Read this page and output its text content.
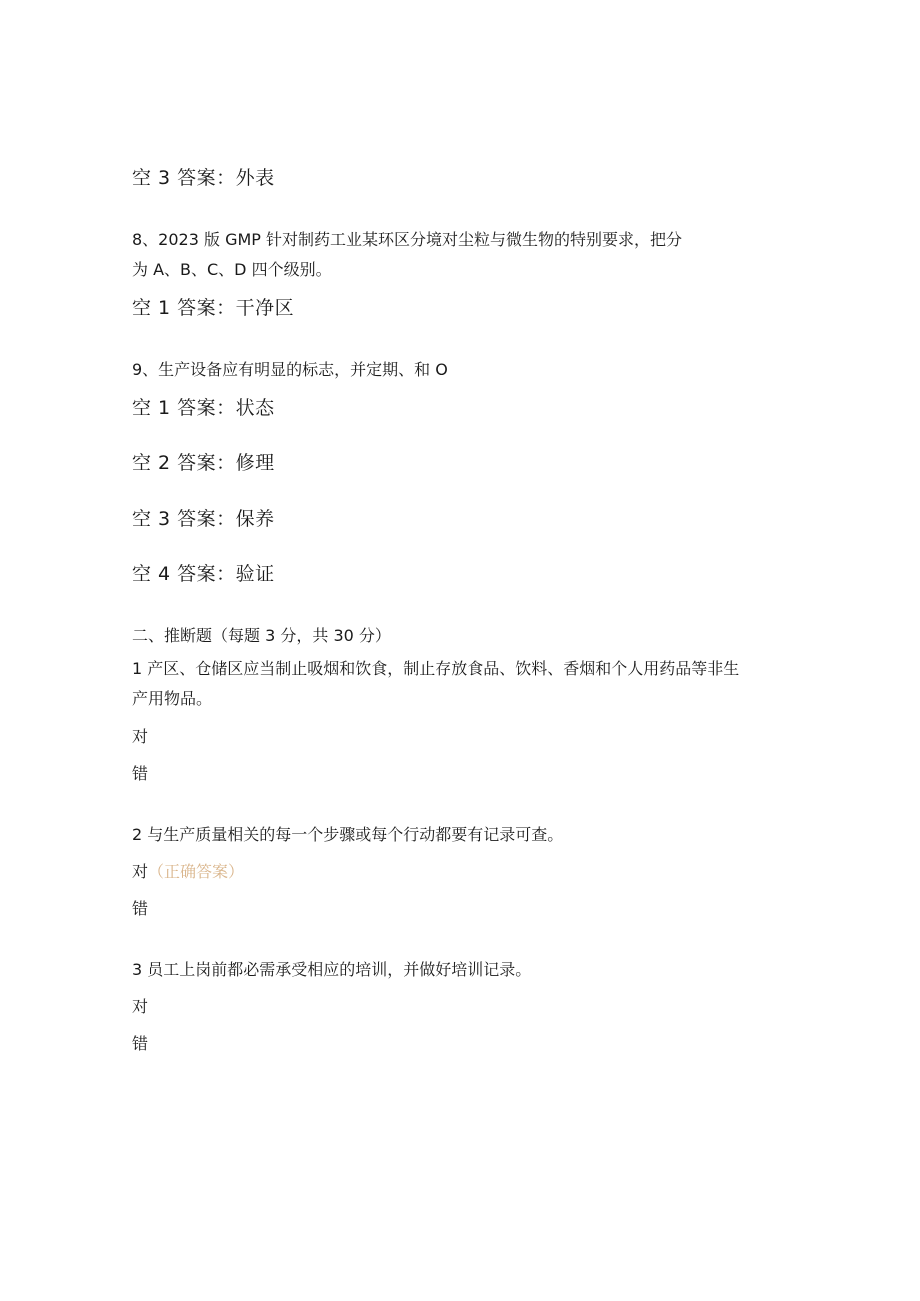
空 3 答案：外表
8、2023 版 GMP 针对制药工业某环区分境对尘粒与微生物的特别要求，把分
为 A、B、C、D 四个级别。
空 1 答案：干净区
9、生产设备应有明显的标志，并定期、和 O
空 1 答案：状态
空 2 答案：修理
空 3 答案：保养
空 4 答案：验证
二、推断题（每题 3 分，共 30 分）
1 产区、仓储区应当制止吸烟和饮食，制止存放食品、饮料、香烟和个人用药品等非生
产用物品。
对
错
2 与生产质量相关的每一个步骤或每个行动都要有记录可查。
对（正确答案）
错
3 员工上岗前都必需承受相应的培训，并做好培训记录。
对
错
